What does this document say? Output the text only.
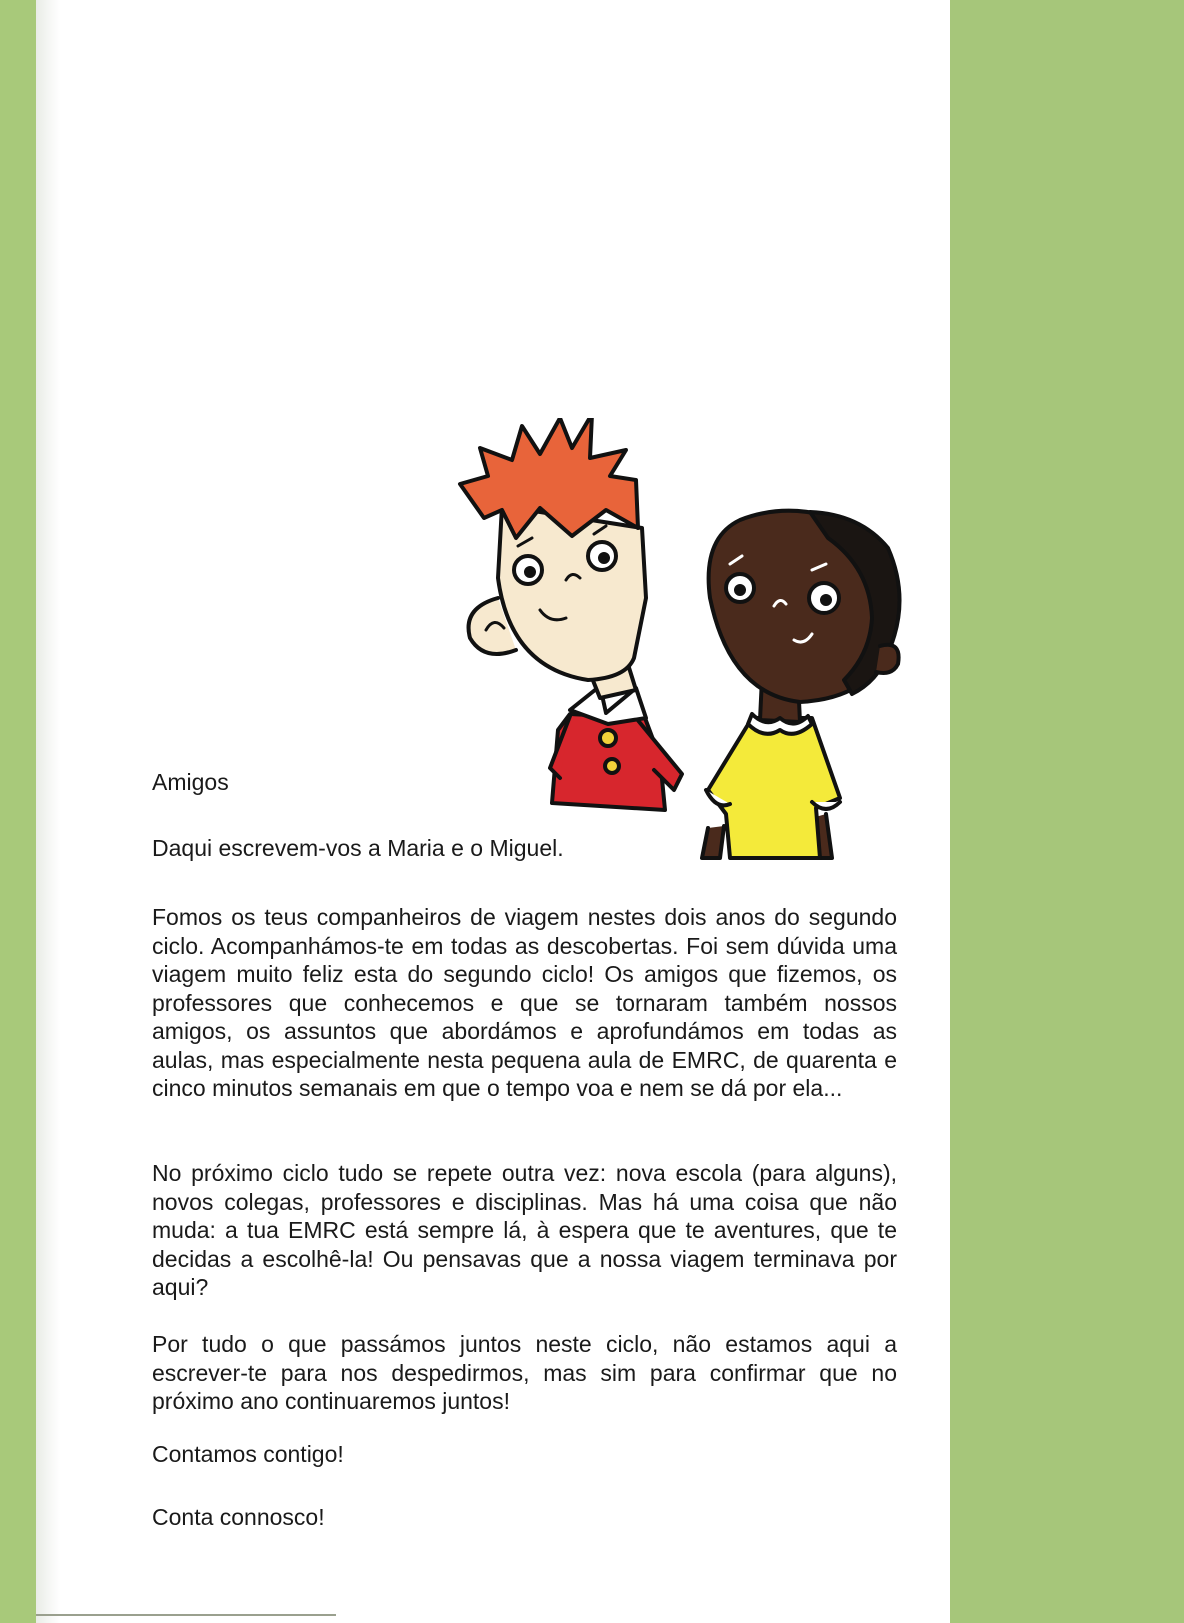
Amigos

Daqui escrevem-vos a Maria e o Miguel.

Fomos os teus companheiros de viagem nestes dois anos do segundo ciclo. Acompanhámos-te em todas as descobertas. Foi sem dúvida uma viagem muito feliz esta do segundo ciclo! Os amigos que fizemos, os professores que conhecemos e que se tornaram também nossos amigos, os assuntos que abordámos e aprofundámos em todas as aulas, mas especialmente nesta pequena aula de EMRC, de quarenta e cinco minutos semanais em que o tempo voa e nem se dá por ela...

No próximo ciclo tudo se repete outra vez: nova escola (para alguns), novos colegas, professores e disciplinas. Mas há uma coisa que não muda: a tua EMRC está sempre lá, à espera que te aventures, que te decidas a escolhê-la! Ou pensavas que a nossa viagem terminava por aqui?

Por tudo o que passámos juntos neste ciclo, não estamos aqui a escrever-te para nos despedirmos, mas sim para confirmar que no próximo ano continuaremos juntos!

Contamos contigo!

Conta connosco!
